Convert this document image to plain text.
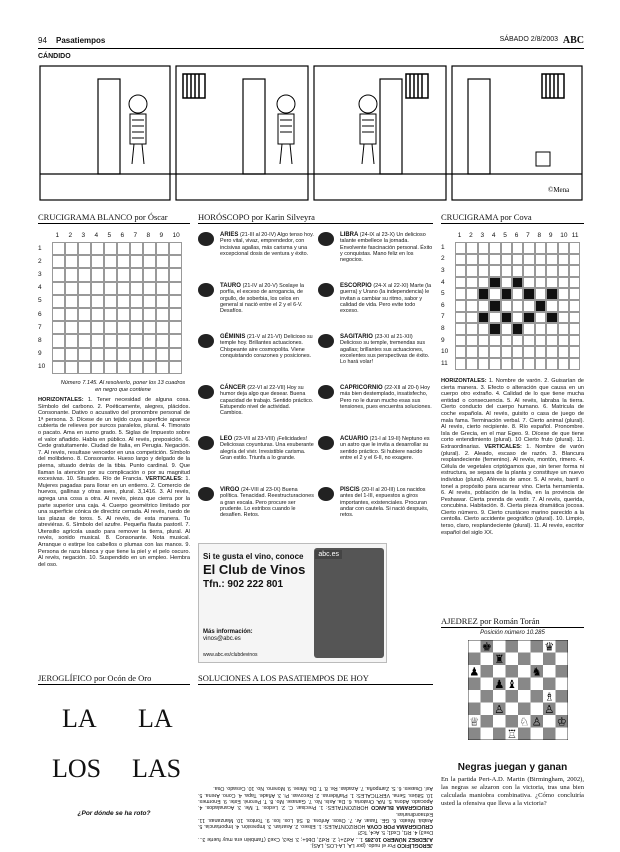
94 Pasatiempos	SÁBADO 2/8/2003 ABC
CÁNDIDO
©Mena
CRUCIGRAMA BLANCO por Óscar
1 2 3 4 5 6 7 8 9 10
1
2
3
4
5
6
7
8
9
10
Número 7.145. Al resolverlo, poner los 13 cuadros en negro que contiene
HORIZONTALES: 1. Tener necesidad de alguna cosa. Símbolo del carbono. 2. Poéticamente, alegres, plácidos. Consonante. Dativo o acusativo del pronombre personal de 1ª persona. 3. Dícese de un tejido cuya superficie aparece cubierta de relieves por surcos paralelos, plural. 4. Timorato o pacato. Ama en sumo grado. 5. Siglas de Impuesto sobre el valor añadido. Habla en público. Al revés, preposición. 6. Cede gratuitamente. Ciudad de Italia, en Perugia. Negación. 7. Al revés, resultase vencedor en una competición. Símbolo del molibdeno. 8. Consonante. Hueso largo y delgado de la pierna, situado detrás de la tibia. Punto cardinal. 9. Que llaman la atención por su complicación o por su magnitud excesivas. 10. Situades. Río de Francia. VERTICALES: 1. Mujeres pagadas para llorar en un entierro. 2. Comercio de huevos, gallinas y otras aves, plural. 3,1416. 3. Al revés, agrega una cosa a otra. Al revés, pieza que cierra por la parte superior una caja. 4. Cuerpo geométrico limitado por una superficie cónica de directriz cerrada. Al revés, ruedo de las plazas de toros. 5. Al revés, de esta manera. Tu atreviéras. 6. Símbolo del azufre. Pequeña flauta pastoril. 7. Utensilio agrícola usado para remover la tierra, plural. Al revés, sonido musical. 8. Consonante. Nota musical. Arranque o estirpe los cabellos o plumas con las manos. 9. Persona de raza blanca y que tiene la piel y el pelo oscuro. Al revés, negación. 10. Suspendido en un empleo. Hembra del oso.
HORÓSCOPO por Karin Silveyra
ARIES (21-III al 20-IV) Algo tenso hoy. Pero vital, vivaz, emprendedor, con incisivas agallas, más carisma y una excepcional dosis de ventura y éxito.
TAURO (21-IV al 20-V) Soslaye la porfía, el exceso de arrogancia, de orgullo, de soberbia, los celos en general si nació entre el 2 y el 6-V. Desafíos.
GÉMINIS (21-V al 21-VI) Delicioso su temple hoy. Brillantes actuaciones. Chispeante aire cosmopolita. Viene conquistando corazones y posiciones.
CÁNCER (22-VI al 22-VII) Hoy su humor deja algo que desear. Buena capacidad de trabajo. Sentido práctico. Estupendo nivel de actividad. Cambios.
LEO (23-VII al 23-VIII) ¡Felicidades! Deliciosas coyunturas. Una exuberante alegría del vivir. Irresistible carisma. Gran estilo. Triunfa a lo grande.
VIRGO (24-VIII al 23-IX) Buena política. Tenacidad. Reestructuraciones a gran escala. Pero procure ser prudente. Lo estribos cuando le desafíen. Retos.
LIBRA (24-IX al 23-X) Un delicioso talante embellece la jornada. Envolvente fascinación personal. Éxito y conquistas. Mano feliz en los negocios.
ESCORPIO (24-X al 22-XI) Marte (la guerra) y Urano (la independencia) le invitan a cambiar su ritmo, sabor y calidad de vida. Pero evite todo exceso.
SAGITARIO (23-XI al 21-XII) Delicioso su temple, tremendas sus agallas; brillantes sus actuaciones, excelentes sus perspectivas de éxito. Lo hará volar!
CAPRICORNIO (22-XII al 20-I) Hoy más bien destemplado, insatisfecho, Pero no le duran mucho esas sus tensiones, pues encuentra soluciones.
ACUARIO (21-I al 19-II) Neptuno es un astro que le invita a desarrollar su sentido práctico. Si hubiere nacido entre el 2 y el 6-II, no exagere.
PISCIS (20-II al 20-III) Los nacidos antes del 1-III, expuestos a giros importantes, existenciales. Procuran andar con cautela. Si nació después, retos.
abc.es
Si te gusta el vino, conoce
El Club de Vinos
Tfn.: 902 222 801
Más información:
vinos@abc.es
www.abc.es/clubdevinos
CRUCIGRAMA por Cova
1 2 3 4 5 6 7 8 9 10 11
1
2
3
4
5
6
7
8
9
10
11
HORIZONTALES: 1. Nombre de varón. 2. Guisarían de cierta manera. 3. Efecto o alteración que causa en un cuerpo otro extraño. 4. Calidad de lo que tiene mucha entidad o consecuencia. 5. Al revés, labraba la tierra. Cierto conducto del cuerpo humano. 6. Matricula de coche española. Al revés, guisito o casa de juego de mala fama. Terminación verbal. 7. Cierto animal (plural). Al revés, cierto recipiente. 8. Río español. Pronombre. Isla de Grecia, en el mar Egeo. 9. Dícese de que tiene corto entendimiento (plural). 10 Cierto fruto (plural). 11. Extraordinarias. VERTICALES: 1. Nombre de varón (plural). 2. Aleado, escaso de razón. 3. Blancura resplandeciente (femenino). Al revés, montón, rimero. 4. Célula de vegetales criptógamos que, sin tener forma ni estructura, se separa de la planta y constituye un nuevo individuo (plural). Aféresis de amor. 5. Al revés, barril o tonel a propósito para acarrear vino. Cierta herramienta. 6. Al revés, población de la India, en la provincia de Peshawar. Cierta prenda de vestir. 7. Al revés, querida, concubina. Habitación. 8. Cierta pieza dramática jocosa. Cierto número. 9. Cierto crustáceo marino parecido a la centolla. Cierto accidente geográfico (plural). 10. Limpio, terso, claro, resplandeciente (plural). 11. Al revés, escritor español del siglo XX.
AJEDREZ por Román Torán
Posición número 10.285
Negras juegan y ganan
En la partida Pert-A.D. Martin (Birmingham, 2002), las negras se alzaron con la victoria, tras una bien calculada maniobra combinativa. ¿Cómo concluiría usted la ofensiva que lleva a la victoria?
JEROGLÍFICO por Ocón de Oro
LA LA
LOS LAS
¿Por dónde se ha roto?
SOLUCIONES A LOS PASATIEMPOS DE HOY
JEROGLÍFICO Por el nudo. (por LA, LA-LOS, LAS).
AJEDREZ NÚMERO 10.285 1... Axf2+!; 2. Rxf2, Db6+; 3. Re3, Cxe3 (También era muy fuerte 3... Dxe3) 4. Rf1, Cxd1; 5. Ac4, Tc2!
CRUCIGRAMA POR COVA HORIZONTALES: 1. Eliseo. 2. Asarían. 3. Impresión. 4. Importancia. 5. Arabá. Meato. 6. GE. Tasar. Ar. 7. Osos. Ánfora. 8. Sil. Los. Ios. 9. Tontos. 10. Manzanas. 11. Extraordinarias.
CRUCIGRAMA BLANCO HORIZONTALES: 1. Precisar. C. 2. Ledos. T. Me. 3. Acanalados. 4. Apocado. Adora. 5. IVA. Oratoria. 6. Da. Asís. No. 7. Ganase. Mo. 8. T. Peroné. Este. 9. Enormes. 10. Sitúes. Sena. VERTICALES: 1. Plañideras. 2. Recovas. Pi. 3. Añade. Tapa. 4. Cono. Arena. 5. Así. Osases. 6. S. Zampoña. 7. Azadas. Re. 8. T. Do. Mese. 9. Moreno. No. 10. Cesado. Osa.
